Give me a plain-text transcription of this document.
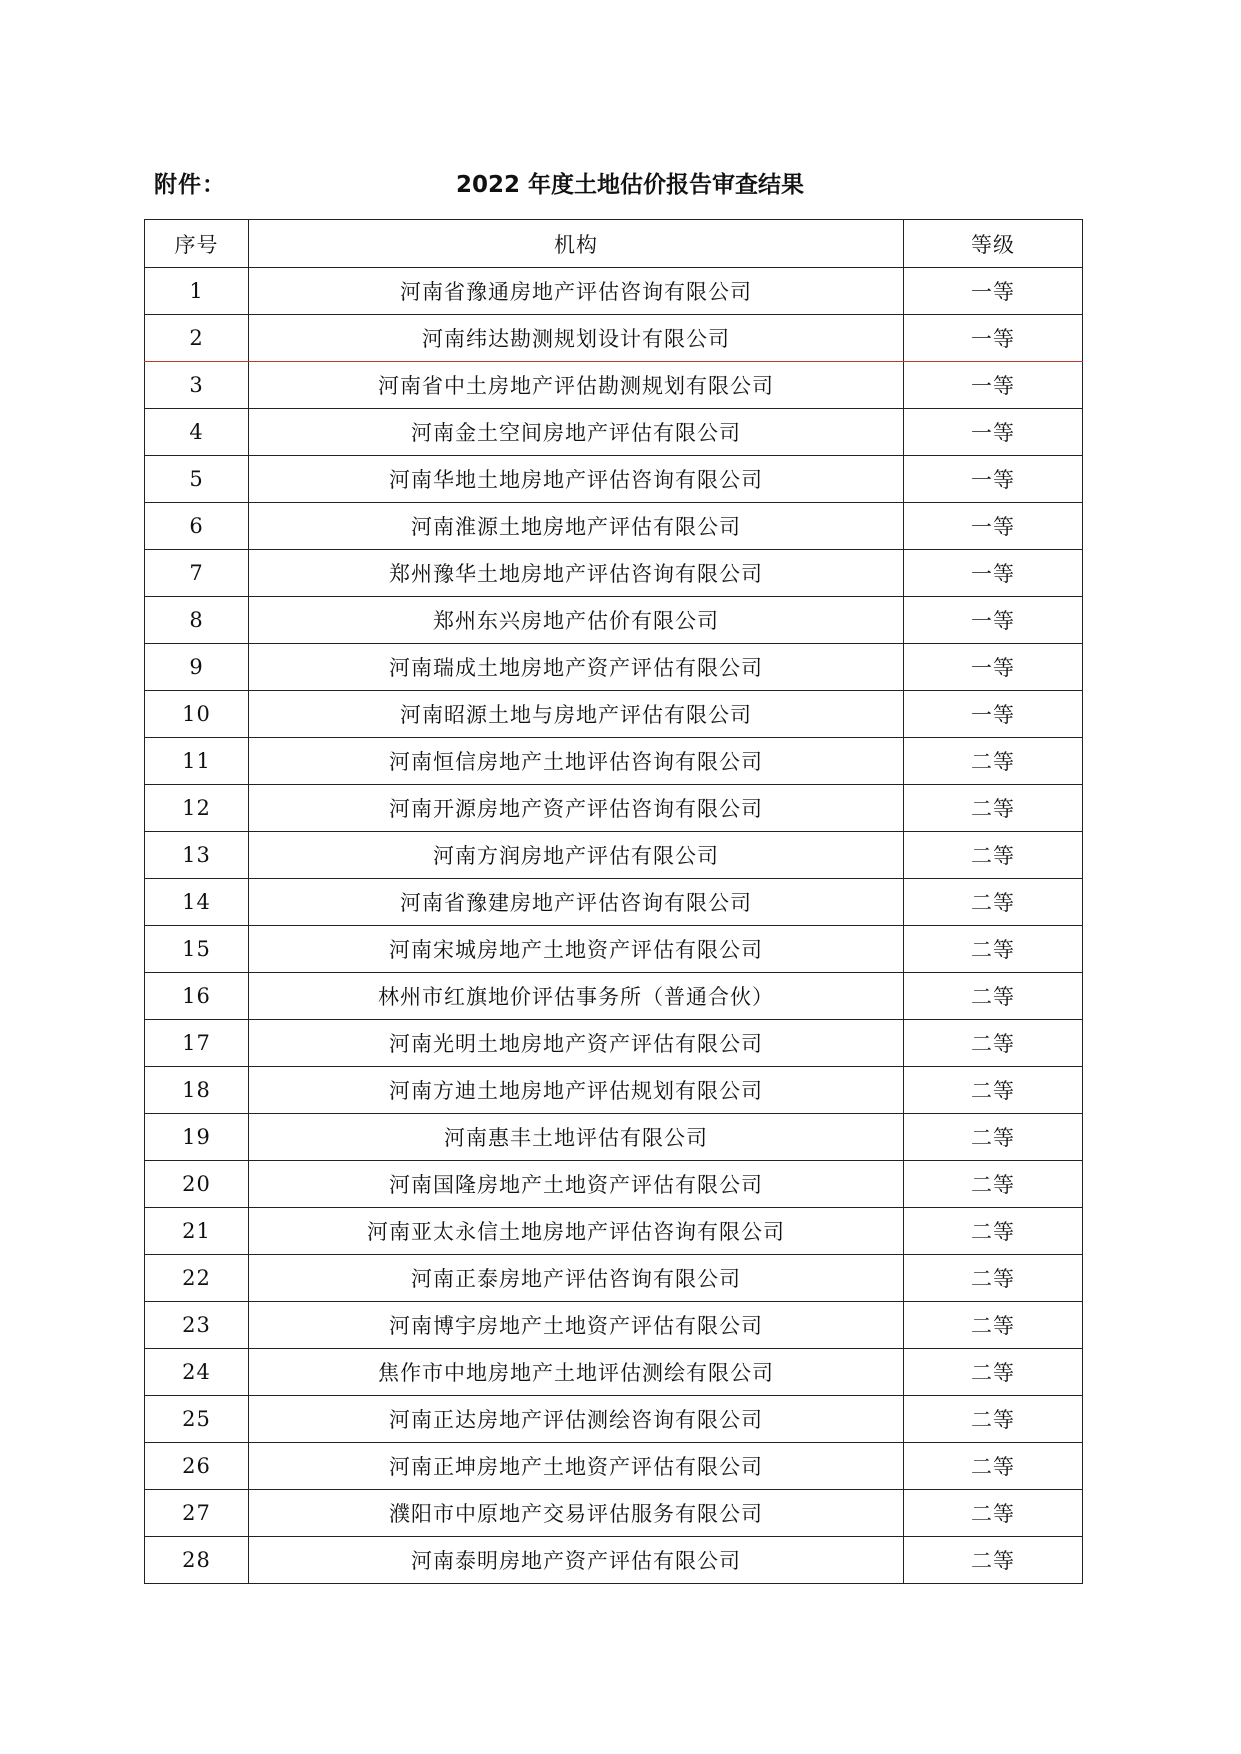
附件：	2022 年度土地估价报告审查结果
序号	机构	等级
1	河南省豫通房地产评估咨询有限公司	一等
2	河南纬达勘测规划设计有限公司	一等
3	河南省中土房地产评估勘测规划有限公司	一等
4	河南金土空间房地产评估有限公司	一等
5	河南华地土地房地产评估咨询有限公司	一等
6	河南淮源土地房地产评估有限公司	一等
7	郑州豫华土地房地产评估咨询有限公司	一等
8	郑州东兴房地产估价有限公司	一等
9	河南瑞成土地房地产资产评估有限公司	一等
10	河南昭源土地与房地产评估有限公司	一等
11	河南恒信房地产土地评估咨询有限公司	二等
12	河南开源房地产资产评估咨询有限公司	二等
13	河南方润房地产评估有限公司	二等
14	河南省豫建房地产评估咨询有限公司	二等
15	河南宋城房地产土地资产评估有限公司	二等
16	林州市红旗地价评估事务所（普通合伙）	二等
17	河南光明土地房地产资产评估有限公司	二等
18	河南方迪土地房地产评估规划有限公司	二等
19	河南惠丰土地评估有限公司	二等
20	河南国隆房地产土地资产评估有限公司	二等
21	河南亚太永信土地房地产评估咨询有限公司	二等
22	河南正泰房地产评估咨询有限公司	二等
23	河南博宇房地产土地资产评估有限公司	二等
24	焦作市中地房地产土地评估测绘有限公司	二等
25	河南正达房地产评估测绘咨询有限公司	二等
26	河南正坤房地产土地资产评估有限公司	二等
27	濮阳市中原地产交易评估服务有限公司	二等
28	河南泰明房地产资产评估有限公司	二等
